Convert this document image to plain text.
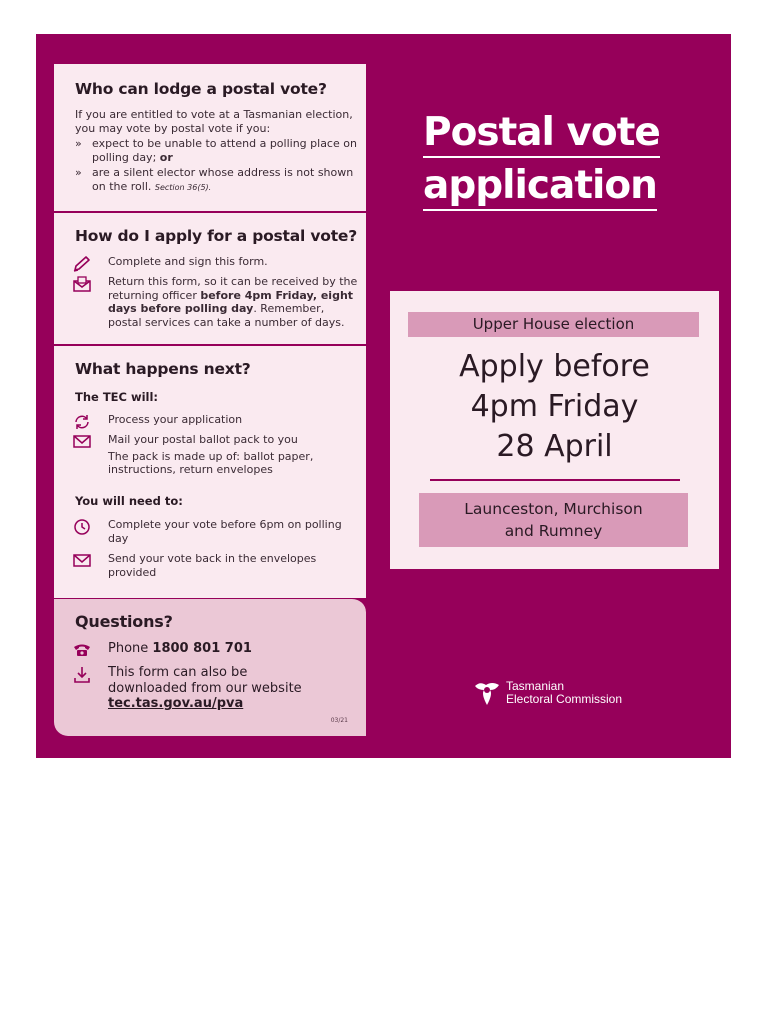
Who can lodge a postal vote?

If you are entitled to vote at a Tasmanian election, you may vote by postal vote if you:

» expect to be unable to attend a polling place on polling day; or
» are a silent elector whose address is not shown on the roll. Section 36(5).
How do I apply for a postal vote?
Complete and sign this form.
Return this form, so it can be received by the returning officer before 4pm Friday, eight days before polling day. Remember, postal services can take a number of days.
What happens next?
The TEC will:
Process your application
Mail your postal ballot pack to you

The pack is made up of: ballot paper, instructions, return envelopes
You will need to:
Complete your vote before 6pm on polling day
Send your vote back in the envelopes provided
Questions?
Phone 1800 801 701
This form can also be downloaded from our website
tec.tas.gov.au/pva
03/21
Postal vote
application
Upper House election
Apply before
4pm Friday
28 April
Launceston, Murchison
and Rumney
Tasmanian
Electoral Commission
